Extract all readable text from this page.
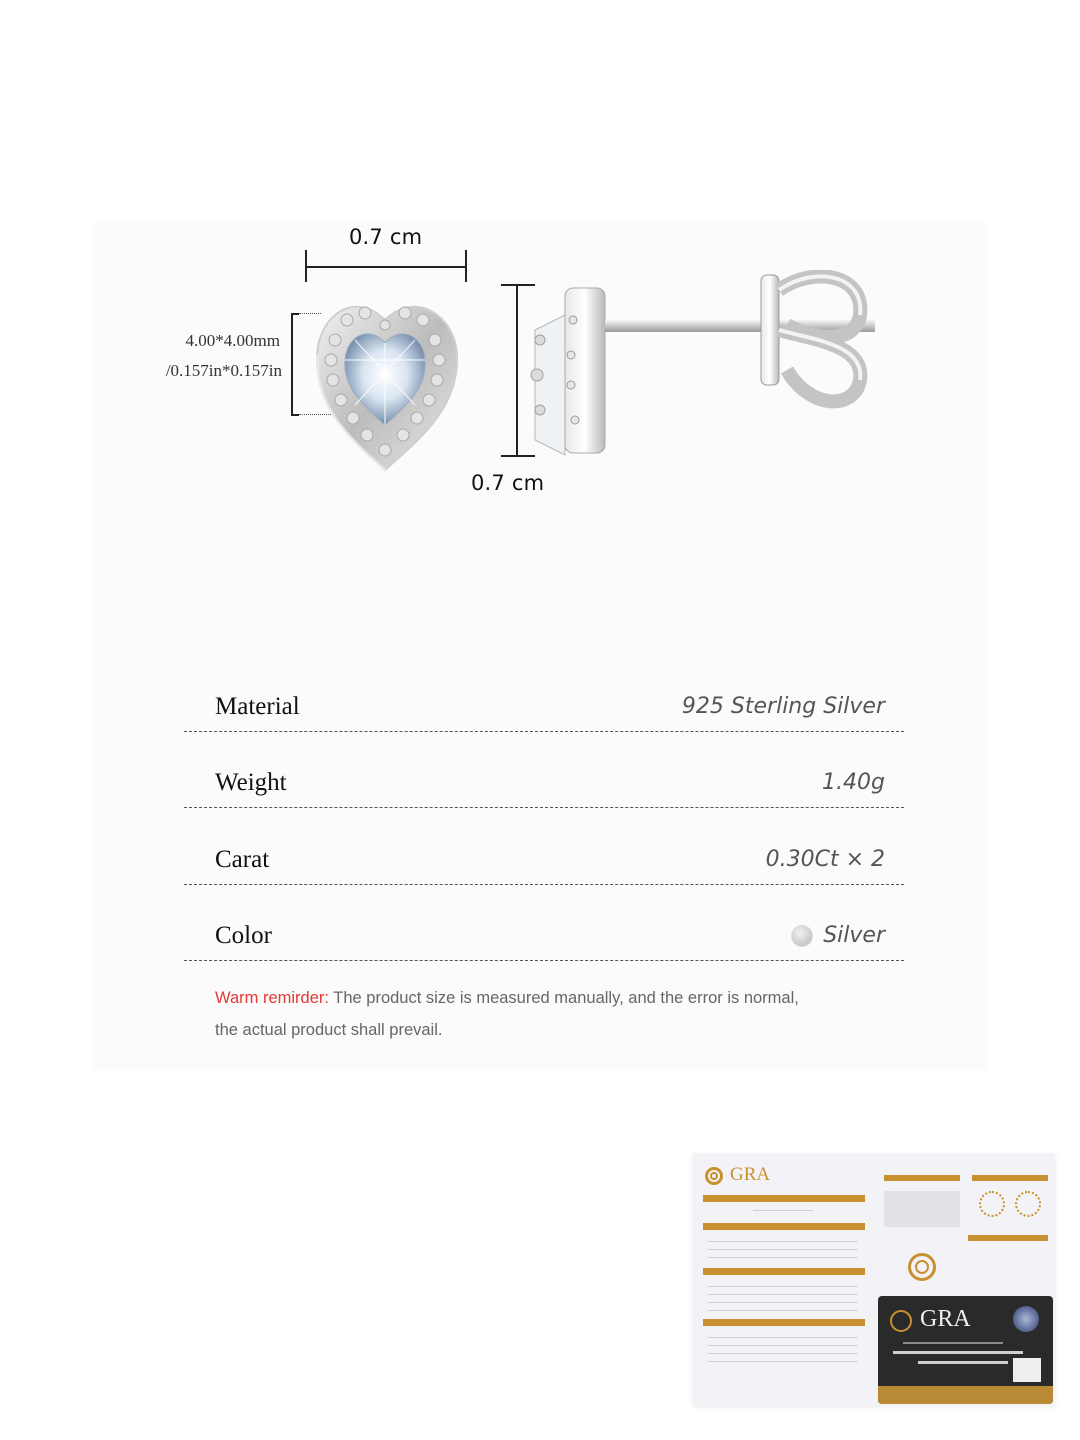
0.7 cm
4.00*4.00mm
/0.157in*0.157in
0.7 cm
Material	925 Sterling Silver
Weight	1.40g
Carat	0.30Ct × 2
Color	Silver
Warm remirder: The product size is measured manually, and the error is normal,
the actual product shall prevail.
GRA
GRA
